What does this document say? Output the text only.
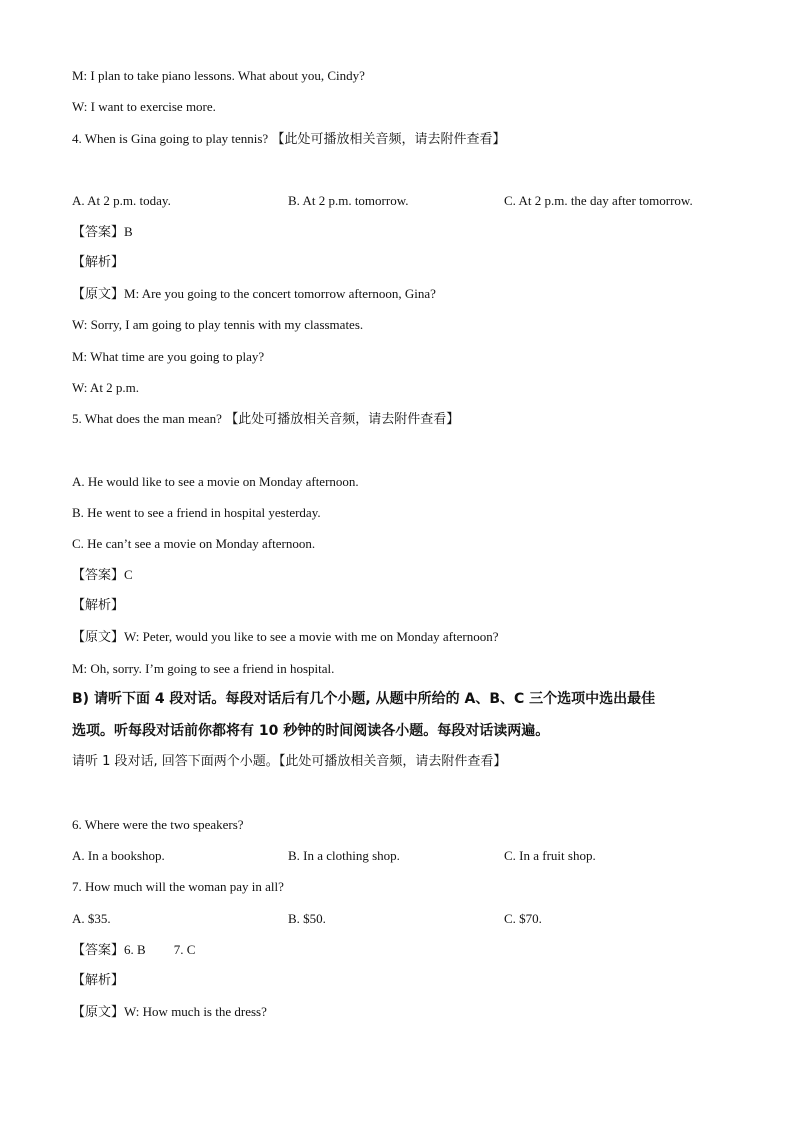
M: I plan to take piano lessons. What about you, Cindy?
W: I want to exercise more.
4. When is Gina going to play tennis? 【此处可播放相关音频，请去附件查看】
A. At 2 p.m. today.	B. At 2 p.m. tomorrow.	C. At 2 p.m. the day after tomorrow.
【答案】B
【解析】
【原文】M: Are you going to the concert tomorrow afternoon, Gina?
W: Sorry, I am going to play tennis with my classmates.
M: What time are you going to play?
W: At 2 p.m.
5. What does the man mean? 【此处可播放相关音频，请去附件查看】
A. He would like to see a movie on Monday afternoon.
B. He went to see a friend in hospital yesterday.
C. He can’t see a movie on Monday afternoon.
【答案】C
【解析】
【原文】W: Peter, would you like to see a movie with me on Monday afternoon?
M: Oh, sorry. I’m going to see a friend in hospital.
B) 请听下面 4 段对话。每段对话后有几个小题, 从题中所给的 A、B、C 三个选项中选出最佳
选项。听每段对话前你都将有 10 秒钟的时间阅读各小题。每段对话读两遍。
请听 1 段对话, 回答下面两个小题。【此处可播放相关音频，请去附件查看】
6. Where were the two speakers?
A. In a bookshop.	B. In a clothing shop.	C. In a fruit shop.
7. How much will the woman pay in all?
A. $35.	B. $50.	C. $70.
【答案】6. B 7. C
【解析】
【原文】W: How much is the dress?
